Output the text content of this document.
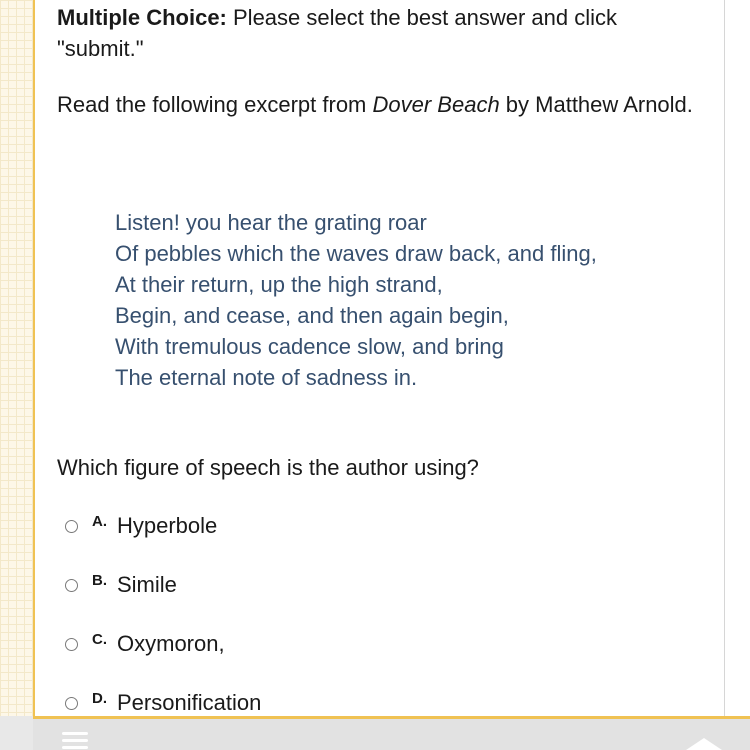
Multiple Choice: Please select the best answer and click "submit."

Read the following excerpt from Dover Beach by Matthew Arnold.

Listen! you hear the grating roar
Of pebbles which the waves draw back, and fling,
At their return, up the high strand,
Begin, and cease, and then again begin,
With tremulous cadence slow, and bring
The eternal note of sadness in.

Which figure of speech is the author using?

A. Hyperbole
B. Simile
C. Oxymoron,
D. Personification
